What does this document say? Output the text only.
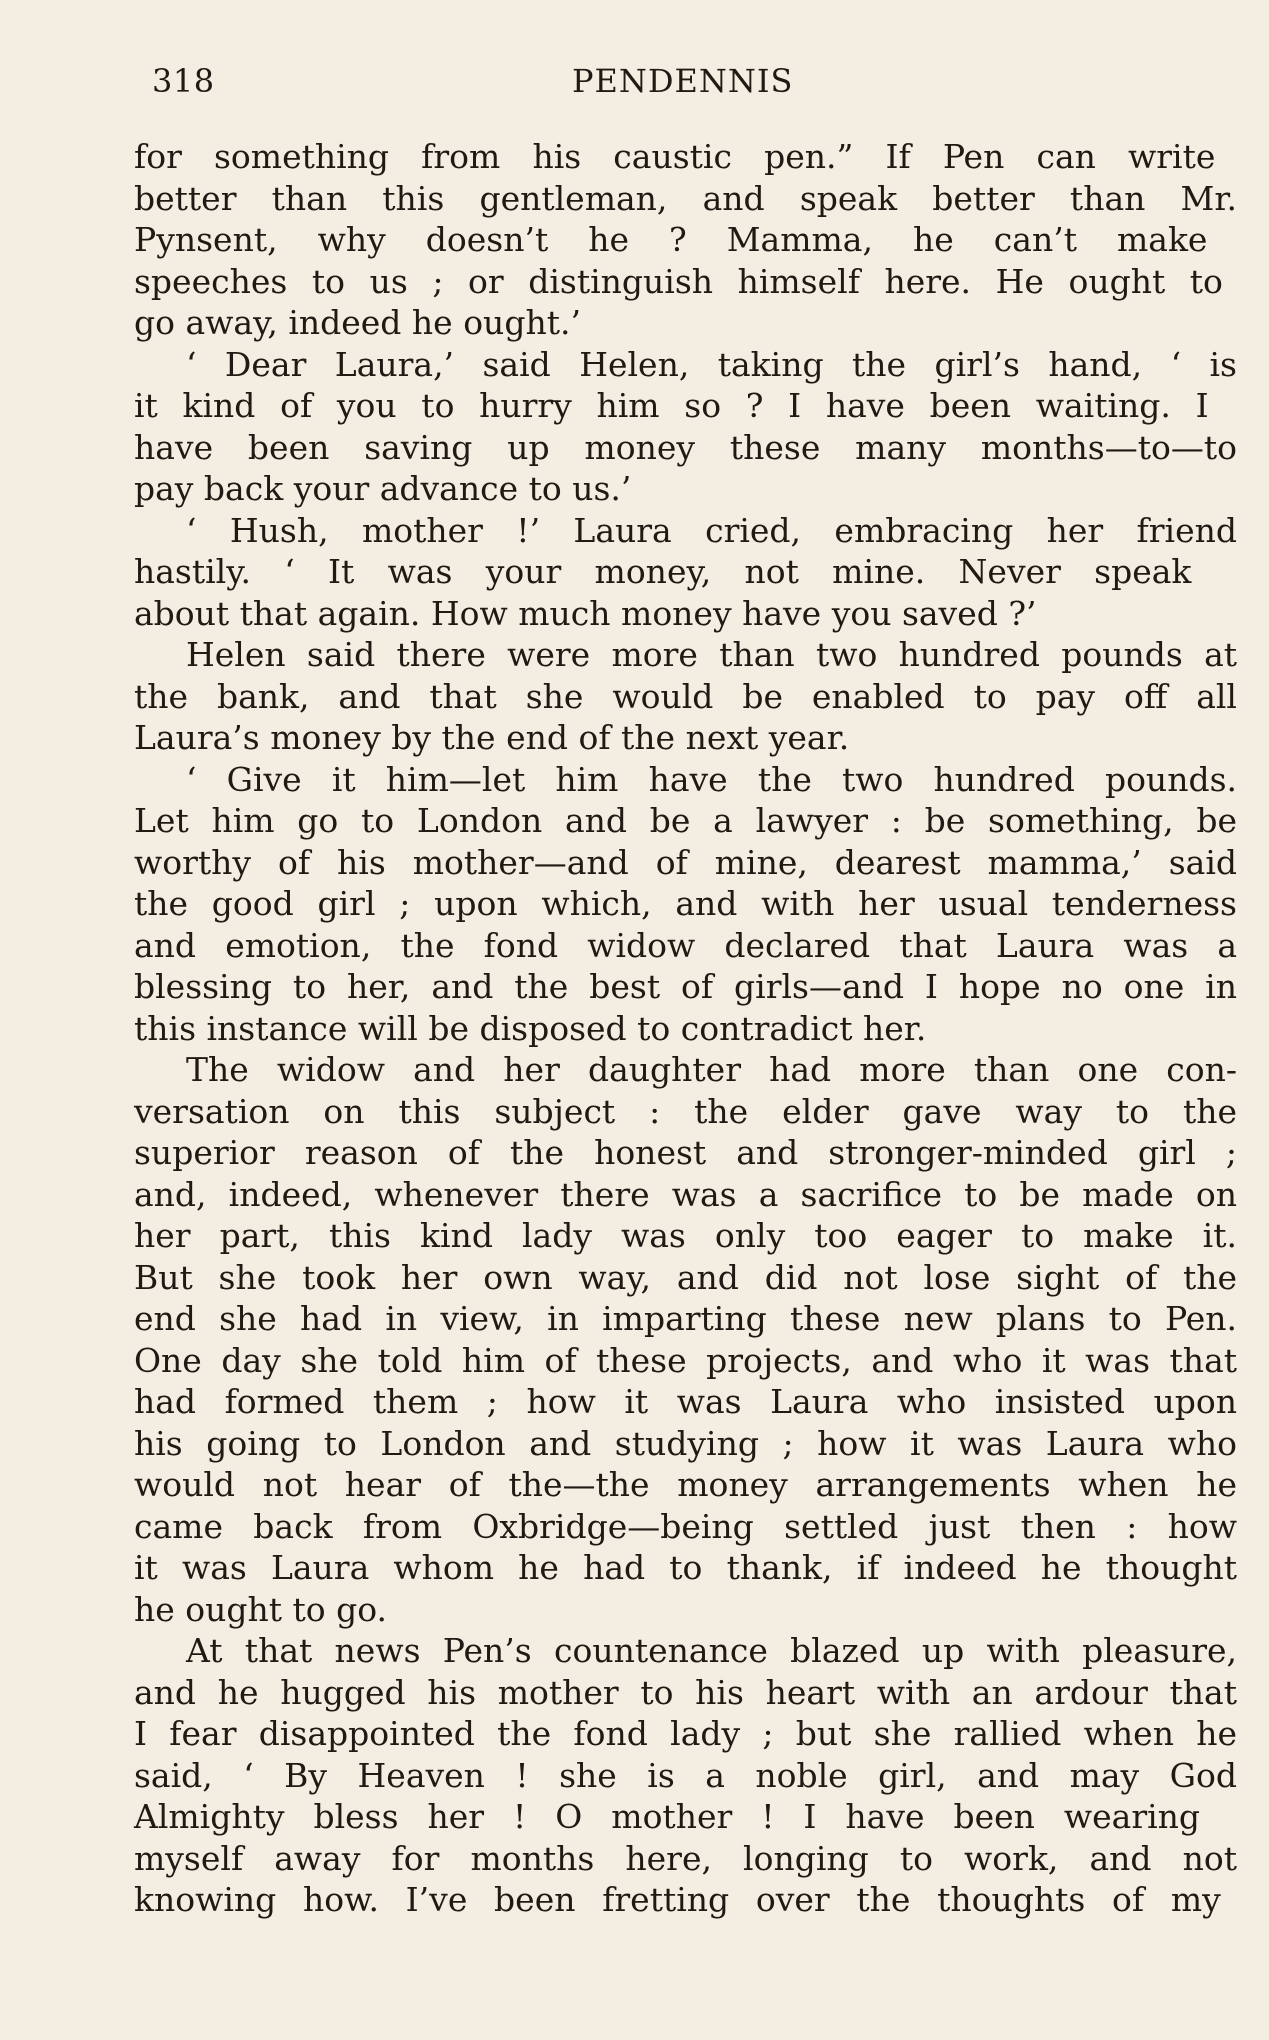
318	PENDENNIS
for something from his caustic pen.” If Pen can write
better than this gentleman, and speak better than Mr.
Pynsent, why doesn’t he ? Mamma, he can’t make
speeches to us ; or distinguish himself here. He ought to
go away, indeed he ought.’
‘ Dear Laura,’ said Helen, taking the girl’s hand, ‘ is
it kind of you to hurry him so ? I have been waiting. I
have been saving up money these many months—to—to
pay back your advance to us.’
‘ Hush, mother !’ Laura cried, embracing her friend
hastily. ‘ It was your money, not mine. Never speak
about that again. How much money have you saved ?’
Helen said there were more than two hundred pounds at
the bank, and that she would be enabled to pay off all
Laura’s money by the end of the next year.
‘ Give it him—let him have the two hundred pounds.
Let him go to London and be a lawyer : be something, be
worthy of his mother—and of mine, dearest mamma,’ said
the good girl ; upon which, and with her usual tenderness
and emotion, the fond widow declared that Laura was a
blessing to her, and the best of girls—and I hope no one in
this instance will be disposed to contradict her.
The widow and her daughter had more than one con-
versation on this subject : the elder gave way to the
superior reason of the honest and stronger-minded girl ;
and, indeed, whenever there was a sacrifice to be made on
her part, this kind lady was only too eager to make it.
But she took her own way, and did not lose sight of the
end she had in view, in imparting these new plans to Pen.
One day she told him of these projects, and who it was that
had formed them ; how it was Laura who insisted upon
his going to London and studying ; how it was Laura who
would not hear of the—the money arrangements when he
came back from Oxbridge—being settled just then : how
it was Laura whom he had to thank, if indeed he thought
he ought to go.
At that news Pen’s countenance blazed up with pleasure,
and he hugged his mother to his heart with an ardour that
I fear disappointed the fond lady ; but she rallied when he
said, ‘ By Heaven ! she is a noble girl, and may God
Almighty bless her ! O mother ! I have been wearing
myself away for months here, longing to work, and not
knowing how. I’ve been fretting over the thoughts of my
